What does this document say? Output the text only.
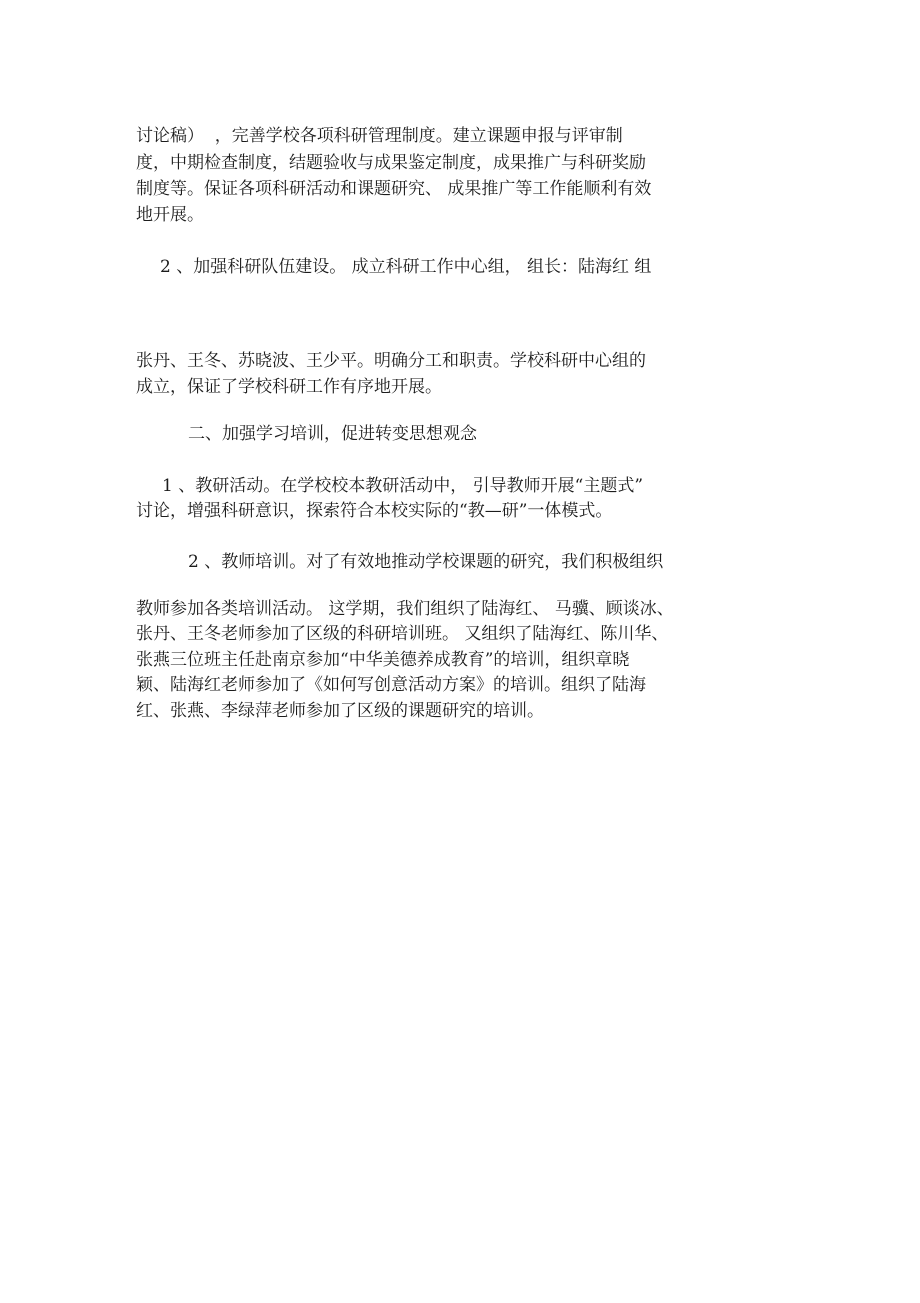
讨论稿）  ，完善学校各项科研管理制度。建立课题申报与评审制

度，中期检查制度，结题验收与成果鉴定制度，成果推广与科研奖励

制度等。保证各项科研活动和课题研究、 成果推广等工作能顺利有效

地开展。

2 、加强科研队伍建设。 成立科研工作中心组， 组长：陆海红 组

张丹、王冬、苏晓波、王少平。明确分工和职责。学校科研中心组的

成立，保证了学校科研工作有序地开展。

二、加强学习培训，促进转变思想观念

1 、教研活动。在学校校本教研活动中， 引导教师开展“主题式”

讨论，增强科研意识，探索符合本校实际的“教—研”一体模式。

2 、教师培训。对了有效地推动学校课题的研究，我们积极组织

教师参加各类培训活动。 这学期，我们组织了陆海红、 马骥、顾谈冰、

张丹、王冬老师参加了区级的科研培训班。 又组织了陆海红、陈川华、

张燕三位班主任赴南京参加“中华美德养成教育”的培训，组织章晓

颖、陆海红老师参加了《如何写创意活动方案》的培训。组织了陆海

红、张燕、李绿萍老师参加了区级的课题研究的培训。
